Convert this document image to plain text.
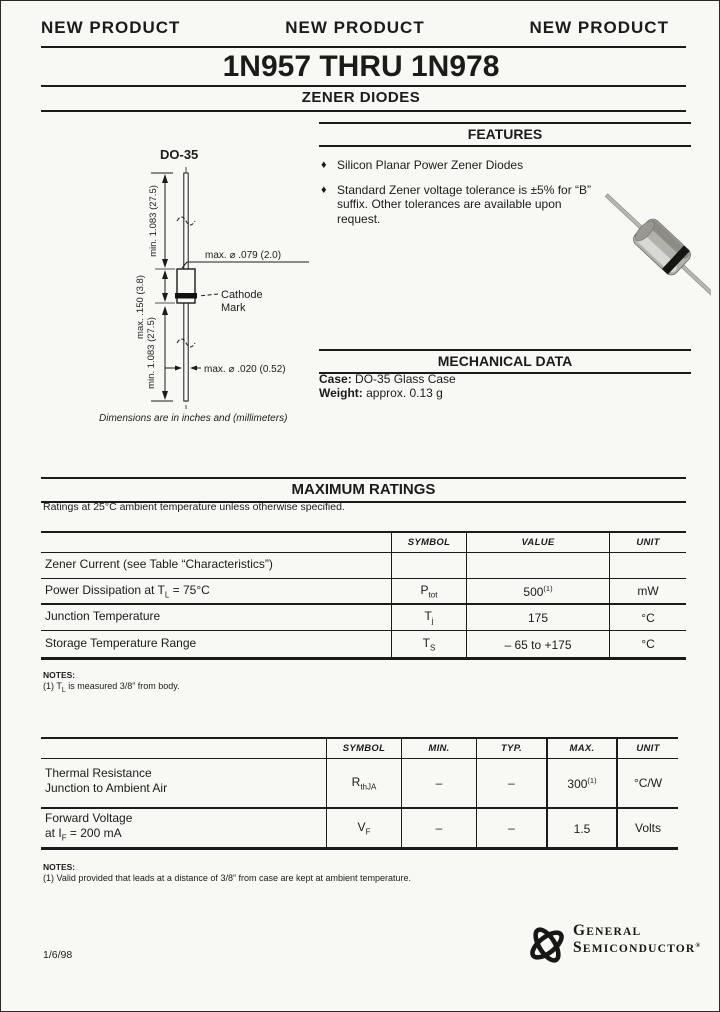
NEW PRODUCT	NEW PRODUCT	NEW PRODUCT
1N957 THRU 1N978
ZENER DIODES
FEATURES
♦ Silicon Planar Power Zener Diodes
♦ Standard Zener voltage tolerance is ±5% for “B” suffix. Other tolerances are available upon request.
DO-35
min. 1.083 (27.5)
max. .150 (3.8)
min. 1.083 (27.5)
max. ⌀ .079 (2.0)
Cathode
Mark
max. ⌀ .020 (0.52)
Dimensions are in inches and (millimeters)
MECHANICAL DATA
Case: DO-35 Glass Case
Weight: approx. 0.13 g
MAXIMUM RATINGS
Ratings at 25°C ambient temperature unless otherwise specified.
SYMBOL	VALUE	UNIT
Zener Current (see Table “Characteristics”)
Power Dissipation at $T_L = 75^\circ C$	$P_{tot}$	500$^{(1)}$	mW
Junction Temperature	$T_j$	175	°C
Storage Temperature Range	$T_S$	– 65 to +175	°C
NOTES:
(1) $T_L$ is measured 3/8” from body.
SYMBOL	MIN.	TYP.	MAX.	UNIT
Thermal Resistance
Junction to Ambient Air	$R_{thJA}$	–	–	300$^{(1)}$	°C/W
Forward Voltage
at $I_F = 200$ mA	$V_F$	–	–	1.5	Volts
NOTES:
(1) Valid provided that leads at a distance of 3/8” from case are kept at ambient temperature.
1/6/98
GENERAL
SEMICONDUCTOR®
